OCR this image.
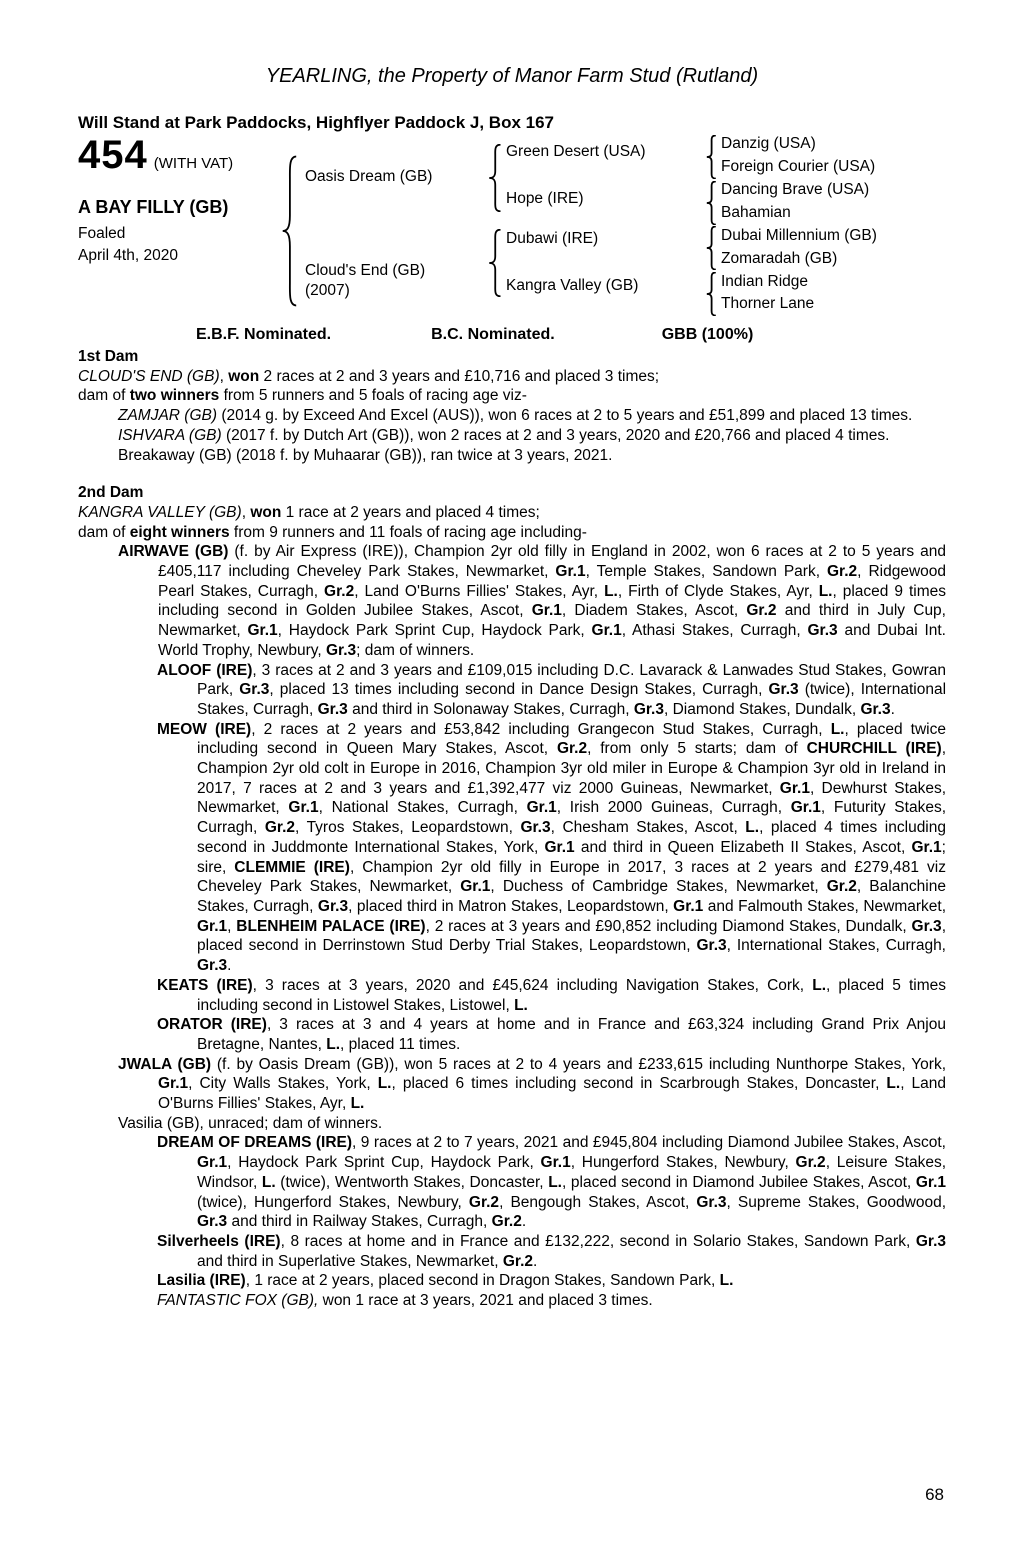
YEARLING, the Property of Manor Farm Stud (Rutland)
Will Stand at Park Paddocks, Highflyer Paddock J, Box 167
454 (WITH VAT)
A BAY FILLY (GB)
Foaled
April 4th, 2020
Oasis Dream (GB)
Cloud's End (GB)
(2007)
Green Desert (USA)
Hope (IRE)
Dubawi (IRE)
Kangra Valley (GB)
Danzig (USA)
Foreign Courier (USA)
Dancing Brave (USA)
Bahamian
Dubai Millennium (GB)
Zomaradah (GB)
Indian Ridge
Thorner Lane
E.B.F. Nominated.	B.C. Nominated.	GBB (100%)
1st Dam

CLOUD'S END (GB), won 2 races at 2 and 3 years and £10,716 and placed 3 times;

dam of two winners from 5 runners and 5 foals of racing age viz-

ZAMJAR (GB) (2014 g. by Exceed And Excel (AUS)), won 6 races at 2 to 5 years and £51,899 and placed 13 times.

ISHVARA (GB) (2017 f. by Dutch Art (GB)), won 2 races at 2 and 3 years, 2020 and £20,766 and placed 4 times.

Breakaway (GB) (2018 f. by Muhaarar (GB)), ran twice at 3 years, 2021.

2nd Dam

KANGRA VALLEY (GB), won 1 race at 2 years and placed 4 times;

dam of eight winners from 9 runners and 11 foals of racing age including-

AIRWAVE (GB) (f. by Air Express (IRE)), Champion 2yr old filly in England in 2002, won 6 races at 2 to 5 years and £405,117 including Cheveley Park Stakes, Newmarket, Gr.1, Temple Stakes, Sandown Park, Gr.2, Ridgewood Pearl Stakes, Curragh, Gr.2, Land O'Burns Fillies' Stakes, Ayr, L., Firth of Clyde Stakes, Ayr, L., placed 9 times including second in Golden Jubilee Stakes, Ascot, Gr.1, Diadem Stakes, Ascot, Gr.2 and third in July Cup, Newmarket, Gr.1, Haydock Park Sprint Cup, Haydock Park, Gr.1, Athasi Stakes, Curragh, Gr.3 and Dubai Int. World Trophy, Newbury, Gr.3; dam of winners.

ALOOF (IRE), 3 races at 2 and 3 years and £109,015 including D.C. Lavarack & Lanwades Stud Stakes, Gowran Park, Gr.3, placed 13 times including second in Dance Design Stakes, Curragh, Gr.3 (twice), International Stakes, Curragh, Gr.3 and third in Solonaway Stakes, Curragh, Gr.3, Diamond Stakes, Dundalk, Gr.3.

MEOW (IRE), 2 races at 2 years and £53,842 including Grangecon Stud Stakes, Curragh, L., placed twice including second in Queen Mary Stakes, Ascot, Gr.2, from only 5 starts; dam of CHURCHILL (IRE), Champion 2yr old colt in Europe in 2016, Champion 3yr old miler in Europe & Champion 3yr old in Ireland in 2017, 7 races at 2 and 3 years and £1,392,477 viz 2000 Guineas, Newmarket, Gr.1, Dewhurst Stakes, Newmarket, Gr.1, National Stakes, Curragh, Gr.1, Irish 2000 Guineas, Curragh, Gr.1, Futurity Stakes, Curragh, Gr.2, Tyros Stakes, Leopardstown, Gr.3, Chesham Stakes, Ascot, L., placed 4 times including second in Juddmonte International Stakes, York, Gr.1 and third in Queen Elizabeth II Stakes, Ascot, Gr.1; sire, CLEMMIE (IRE), Champion 2yr old filly in Europe in 2017, 3 races at 2 years and £279,481 viz Cheveley Park Stakes, Newmarket, Gr.1, Duchess of Cambridge Stakes, Newmarket, Gr.2, Balanchine Stakes, Curragh, Gr.3, placed third in Matron Stakes, Leopardstown, Gr.1 and Falmouth Stakes, Newmarket, Gr.1, BLENHEIM PALACE (IRE), 2 races at 3 years and £90,852 including Diamond Stakes, Dundalk, Gr.3, placed second in Derrinstown Stud Derby Trial Stakes, Leopardstown, Gr.3, International Stakes, Curragh, Gr.3.

KEATS (IRE), 3 races at 3 years, 2020 and £45,624 including Navigation Stakes, Cork, L., placed 5 times including second in Listowel Stakes, Listowel, L.

ORATOR (IRE), 3 races at 3 and 4 years at home and in France and £63,324 including Grand Prix Anjou Bretagne, Nantes, L., placed 11 times.

JWALA (GB) (f. by Oasis Dream (GB)), won 5 races at 2 to 4 years and £233,615 including Nunthorpe Stakes, York, Gr.1, City Walls Stakes, York, L., placed 6 times including second in Scarbrough Stakes, Doncaster, L., Land O'Burns Fillies' Stakes, Ayr, L.

Vasilia (GB), unraced; dam of winners.

DREAM OF DREAMS (IRE), 9 races at 2 to 7 years, 2021 and £945,804 including Diamond Jubilee Stakes, Ascot, Gr.1, Haydock Park Sprint Cup, Haydock Park, Gr.1, Hungerford Stakes, Newbury, Gr.2, Leisure Stakes, Windsor, L. (twice), Wentworth Stakes, Doncaster, L., placed second in Diamond Jubilee Stakes, Ascot, Gr.1 (twice), Hungerford Stakes, Newbury, Gr.2, Bengough Stakes, Ascot, Gr.3, Supreme Stakes, Goodwood, Gr.3 and third in Railway Stakes, Curragh, Gr.2.

Silverheels (IRE), 8 races at home and in France and £132,222, second in Solario Stakes, Sandown Park, Gr.3 and third in Superlative Stakes, Newmarket, Gr.2.

Lasilia (IRE), 1 race at 2 years, placed second in Dragon Stakes, Sandown Park, L.

FANTASTIC FOX (GB), won 1 race at 3 years, 2021 and placed 3 times.

68
